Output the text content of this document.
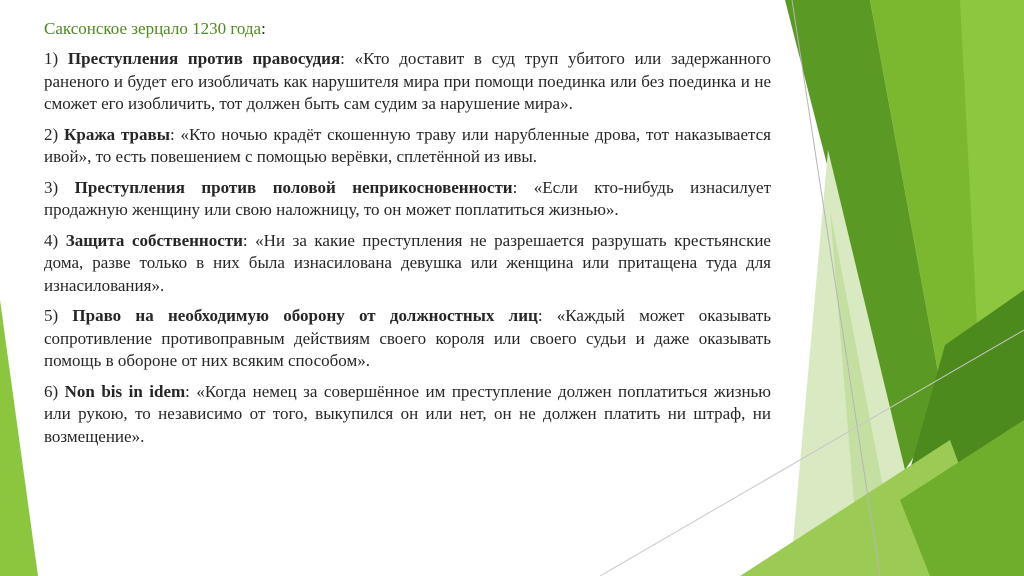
Саксонское зерцало 1230 года:
1) Преступления против правосудия: «Кто доставит в суд труп убитого или задержанного раненого и будет его изобличать как нарушителя мира при помощи поединка или без поединка и не сможет его изобличить, тот должен быть сам судим за нарушение мира».
2) Кража травы: «Кто ночью крадёт скошенную траву или нарубленные дрова, тот наказывается ивой», то есть повешением с помощью верёвки, сплетённой из ивы.
3) Преступления против половой неприкосновенности: «Если кто-нибудь изнасилует продажную женщину или свою наложницу, то он может поплатиться жизнью».
4) Защита собственности: «Ни за какие преступления не разрешается разрушать крестьянские дома, разве только в них была изнасилована девушка или женщина или притащена туда для изнасилования».
5) Право на необходимую оборону от должностных лиц: «Каждый может оказывать сопротивление противоправным действиям своего короля или своего судьи и даже оказывать помощь в обороне от них всяким способом».
6) Non bis in idem: «Когда немец за совершённое им преступление должен поплатиться жизнью или рукою, то независимо от того, выкупился он или нет, он не должен платить ни штраф, ни возмещение».
